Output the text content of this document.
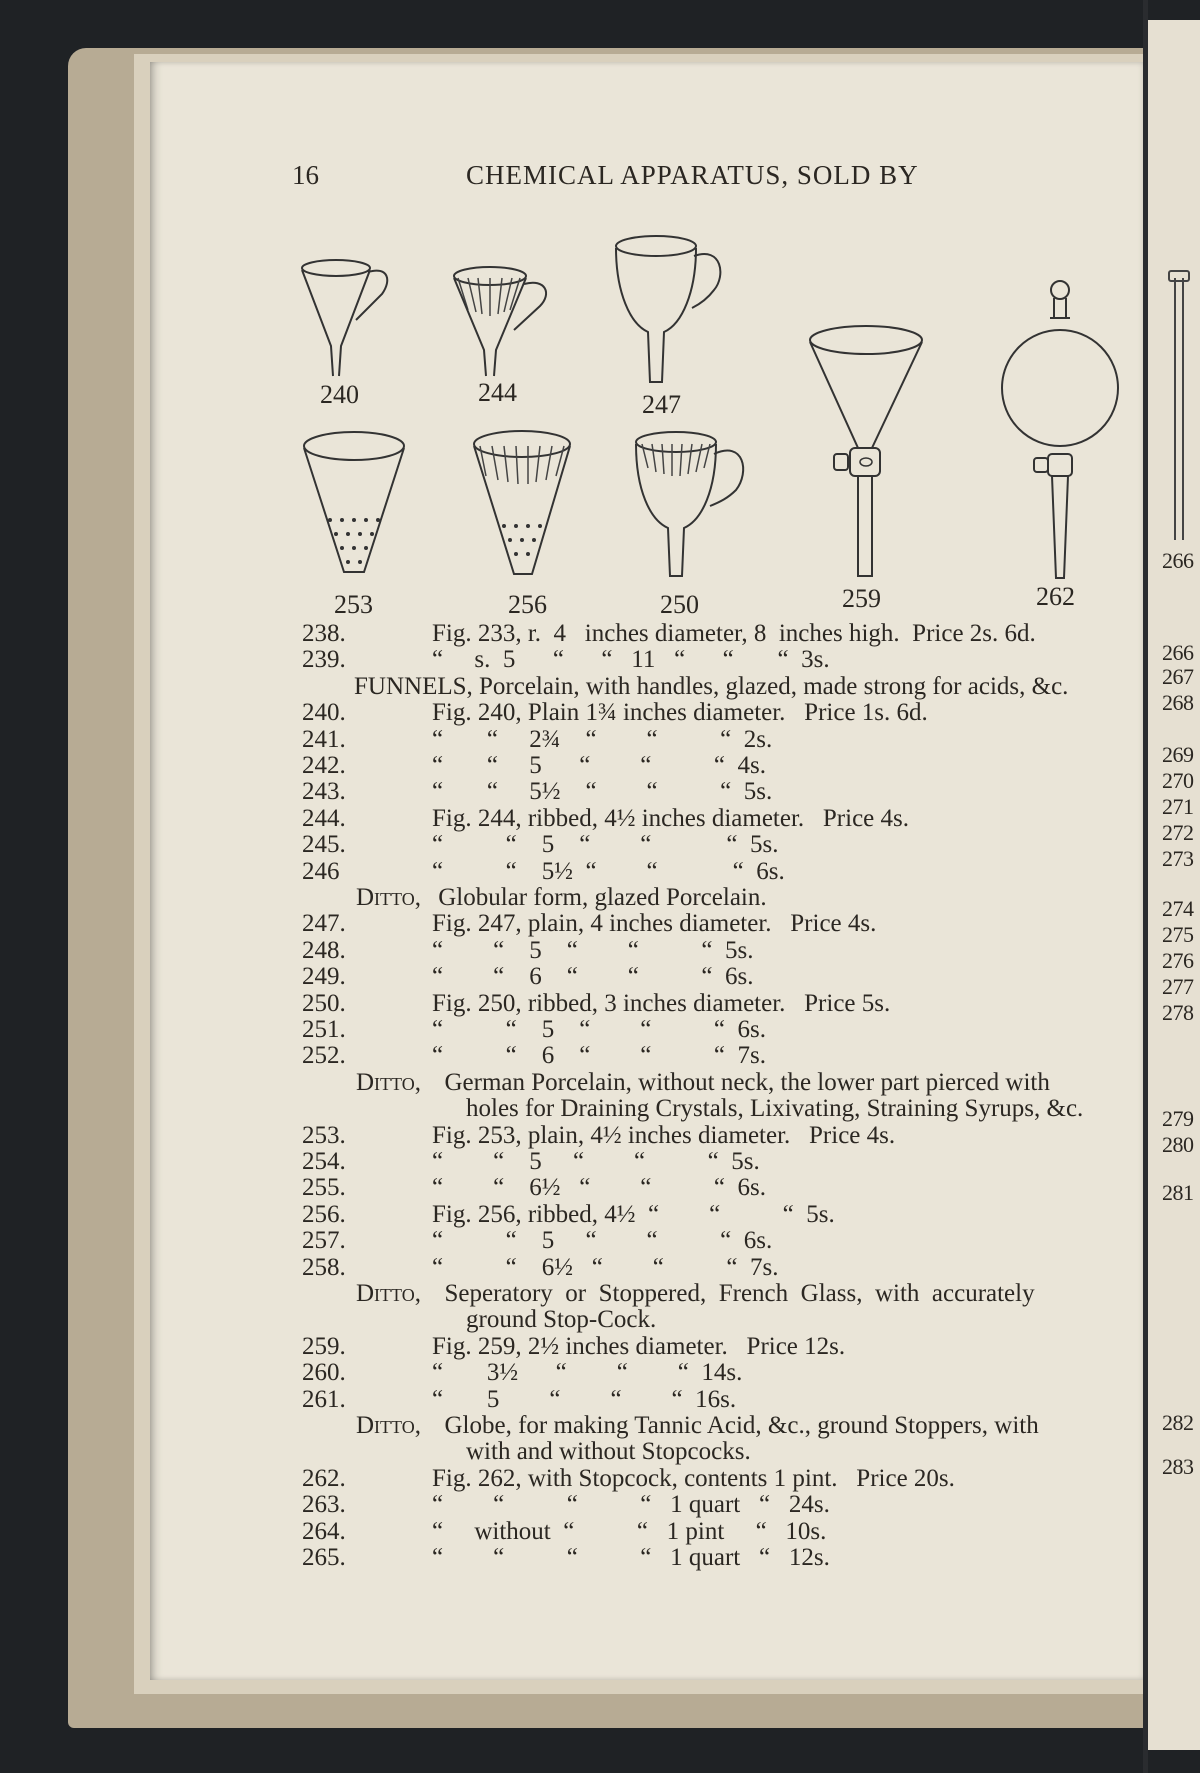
266
266
267
268
269
270
271
272
273
274
275
276
277
278
279
280
281
282
283
16	CHEMICAL APPARATUS, SOLD BY
240	244	247
253	256	250	259	262
238.	Fig. 233, r.  4   inches diameter, 8  inches high.  Price 2s. 6d.
239.	“     s.  5      “      “   11   “      “       “  3s.
FUNNELS, Porcelain, with handles, glazed, made strong for acids, &c.
240.	Fig. 240, Plain 1¾ inches diameter.   Price 1s. 6d.
241.	“       “     2¾    “        “          “  2s.
242.	“       “     5      “        “          “  4s.
243.	“       “     5½    “        “          “  5s.
244.	Fig. 244, ribbed, 4½ inches diameter.   Price 4s.
245.	“          “    5    “        “            “  5s.
246	“          “    5½  “        “            “  6s.
Ditto, Globular form, glazed Porcelain.
247.	Fig. 247, plain, 4 inches diameter.   Price 4s.
248.	“        “    5    “        “          “  5s.
249.	“        “    6    “        “          “  6s.
250.	Fig. 250, ribbed, 3 inches diameter.   Price 5s.
251.	“          “    5    “        “          “  6s.
252.	“          “    6    “        “          “  7s.
Ditto, German Porcelain, without neck, the lower part pierced with
holes for Draining Crystals, Lixivating, Straining Syrups, &c.
253.	Fig. 253, plain, 4½ inches diameter.   Price 4s.
254.	“        “    5     “        “          “  5s.
255.	“        “    6½   “        “          “  6s.
256.	Fig. 256, ribbed, 4½  “        “          “  5s.
257.	“          “    5     “        “          “  6s.
258.	“          “    6½   “        “          “  7s.
Ditto, Seperatory  or  Stoppered,  French  Glass,  with  accurately
ground Stop-Cock.
259.	Fig. 259, 2½ inches diameter.   Price 12s.
260.	“       3½      “        “        “  14s.
261.	“       5        “        “        “  16s.
Ditto, Globe, for making Tannic Acid, &c., ground Stoppers, with
with and without Stopcocks.
262.	Fig. 262, with Stopcock, contents 1 pint.   Price 20s.
263.	“        “          “          “   1 quart   “   24s.
264.	“     without  “          “   1 pint     “   10s.
265.	“        “          “          “   1 quart   “   12s.
